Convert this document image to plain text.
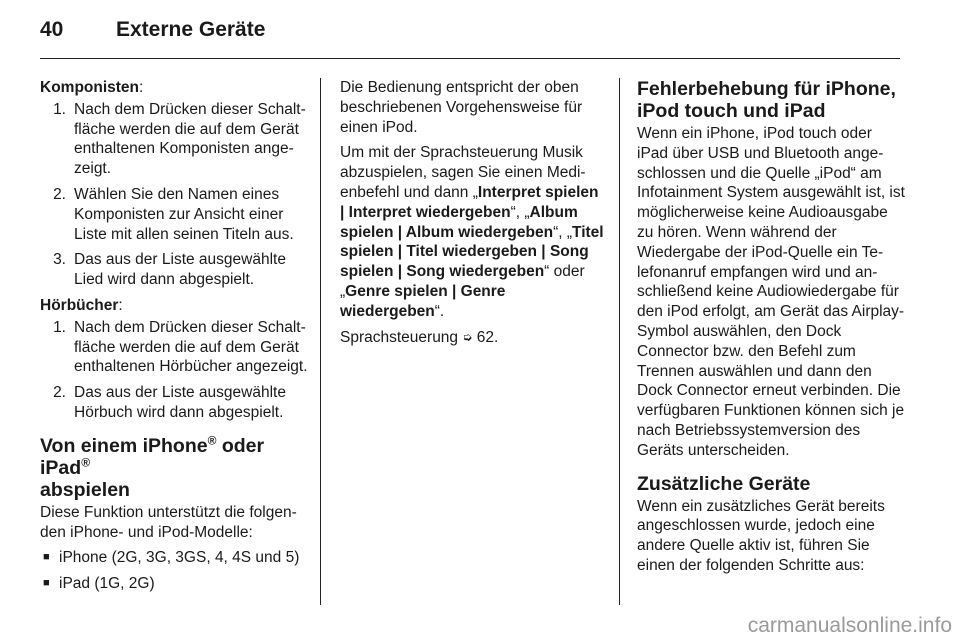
40	Externe Geräte

Komponisten:

1. Nach dem Drücken dieser Schaltfläche werden die auf dem Gerät enthaltenen Komponisten angezeigt.
2. Wählen Sie den Namen eines Komponisten zur Ansicht einer Liste mit allen seinen Titeln aus.
3. Das aus der Liste ausgewählte Lied wird dann abgespielt.

Hörbücher:

1. Nach dem Drücken dieser Schaltfläche werden die auf dem Gerät enthaltenen Hörbücher angezeigt.
2. Das aus der Liste ausgewählte Hörbuch wird dann abgespielt.
Von einem iPhone® oder iPad®
abspielen

Diese Funktion unterstützt die folgenden iPhone- und iPod-Modelle:

■ iPhone (2G, 3G, 3GS, 4, 4S und 5)
■ iPad (1G, 2G)

Die Bedienung entspricht der oben beschriebenen Vorgehensweise für einen iPod.

Um mit der Sprachsteuerung Musik abzuspielen, sagen Sie einen Medienbefehl und dann „Interpret spielen | Interpret wiedergeben“, „Album spielen | Album wiedergeben“, „Titel spielen | Titel wiedergeben | Song spielen | Song wiedergeben“ oder „Genre spielen | Genre wiedergeben“.

Sprachsteuerung ➭ 62.

Fehlerbehebung für iPhone, iPod touch und iPad

Wenn ein iPhone, iPod touch oder iPad über USB und Bluetooth angeschlossen und die Quelle „iPod“ am Infotainment System ausgewählt ist, ist möglicherweise keine Audioausgabe zu hören. Wenn während der Wiedergabe der iPod-Quelle ein Telefonanruf empfangen wird und anschließend keine Audiowiedergabe für den iPod erfolgt, am Gerät das Airplay-Symbol auswählen, den Dock Connector bzw. den Befehl zum Trennen auswählen und dann den Dock Connector erneut verbinden. Die verfügbaren Funktionen können sich je nach Betriebssystemversion des Geräts unterscheiden.

Zusätzliche Geräte

Wenn ein zusätzliches Gerät bereits angeschlossen wurde, jedoch eine andere Quelle aktiv ist, führen Sie einen der folgenden Schritte aus:

carmanualsonline.info
